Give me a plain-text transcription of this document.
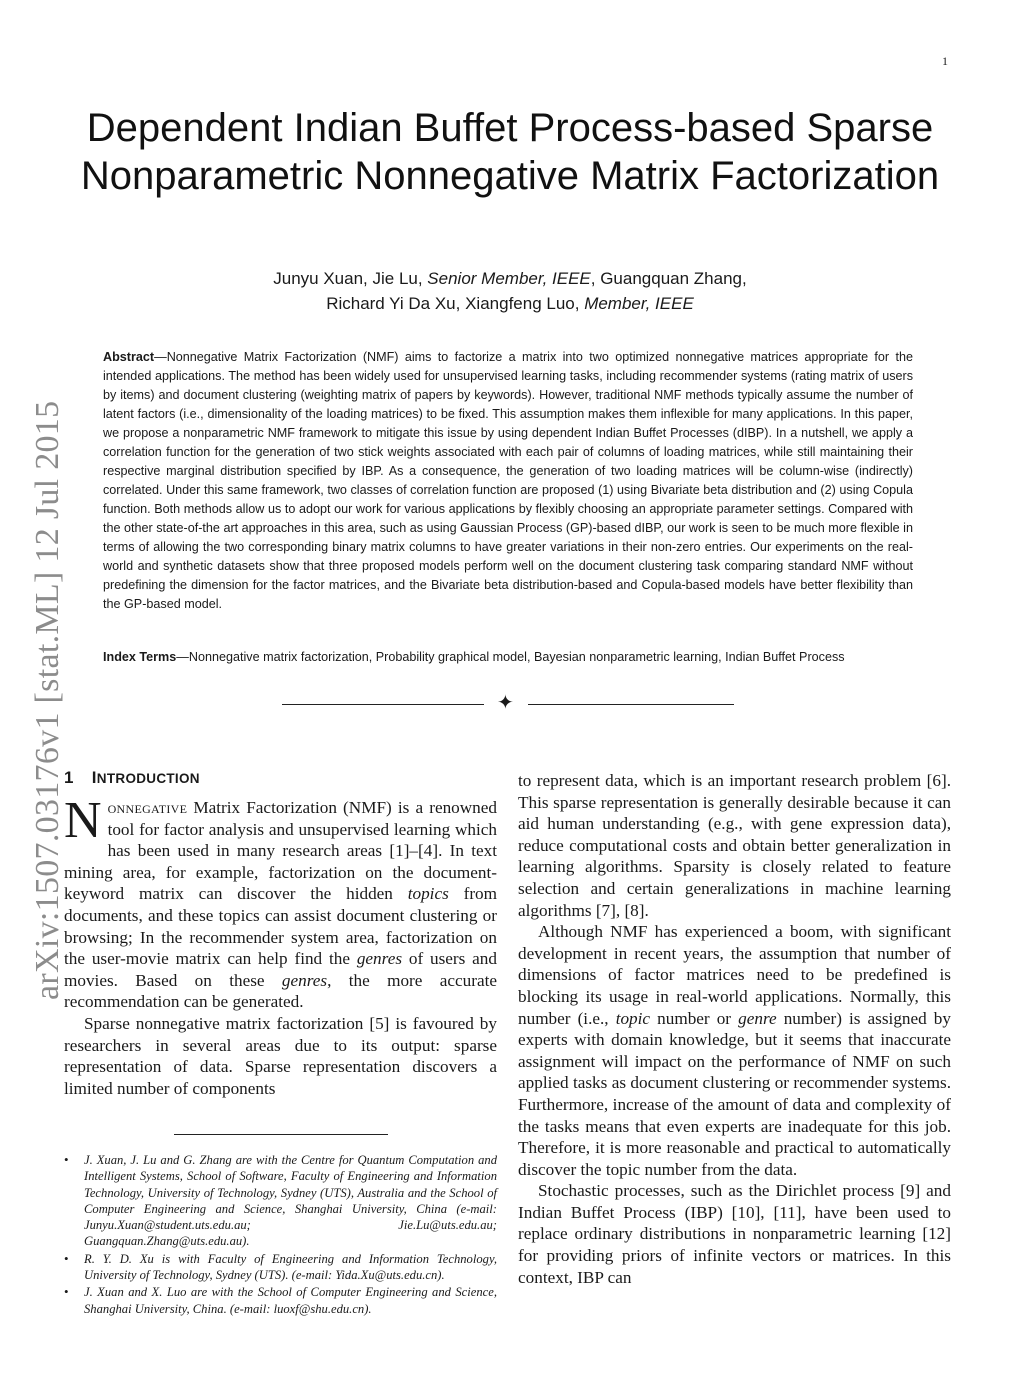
1
Dependent Indian Buffet Process-based Sparse Nonparametric Nonnegative Matrix Factorization
Junyu Xuan, Jie Lu, Senior Member, IEEE, Guangquan Zhang,
Richard Yi Da Xu, Xiangfeng Luo, Member, IEEE
arXiv:1507.03176v1 [stat.ML] 12 Jul 2015
Abstract—Nonnegative Matrix Factorization (NMF) aims to factorize a matrix into two optimized nonnegative matrices appropriate for the intended applications. The method has been widely used for unsupervised learning tasks, including recommender systems (rating matrix of users by items) and document clustering (weighting matrix of papers by keywords). However, traditional NMF methods typically assume the number of latent factors (i.e., dimensionality of the loading matrices) to be fixed. This assumption makes them inflexible for many applications. In this paper, we propose a nonparametric NMF framework to mitigate this issue by using dependent Indian Buffet Processes (dIBP). In a nutshell, we apply a correlation function for the generation of two stick weights associated with each pair of columns of loading matrices, while still maintaining their respective marginal distribution specified by IBP. As a consequence, the generation of two loading matrices will be column-wise (indirectly) correlated. Under this same framework, two classes of correlation function are proposed (1) using Bivariate beta distribution and (2) using Copula function. Both methods allow us to adopt our work for various applications by flexibly choosing an appropriate parameter settings. Compared with the other state-of-the art approaches in this area, such as using Gaussian Process (GP)-based dIBP, our work is seen to be much more flexible in terms of allowing the two corresponding binary matrix columns to have greater variations in their non-zero entries. Our experiments on the real-world and synthetic datasets show that three proposed models perform well on the document clustering task comparing standard NMF without predefining the dimension for the factor matrices, and the Bivariate beta distribution-based and Copula-based models have better flexibility than the GP-based model.
Index Terms—Nonnegative matrix factorization, Probability graphical model, Bayesian nonparametric learning, Indian Buffet Process
✦
1 INTRODUCTION

Nonnegative Matrix Factorization (NMF) is a renowned tool for factor analysis and unsupervised learning which has been used in many research areas [1]–[4]. In text mining area, for example, factorization on the document-keyword matrix can discover the hidden topics from documents, and these topics can assist document clustering or browsing; In the recommender system area, factorization on the user-movie matrix can help find the genres of users and movies. Based on these genres, the more accurate recommendation can be generated.

Sparse nonnegative matrix factorization [5] is favoured by researchers in several areas due to its output: sparse representation of data. Sparse representation discovers a limited number of components

to represent data, which is an important research problem [6]. This sparse representation is generally desirable because it can aid human understanding (e.g., with gene expression data), reduce computational costs and obtain better generalization in learning algorithms. Sparsity is closely related to feature selection and certain generalizations in machine learning algorithms [7], [8].

Although NMF has experienced a boom, with significant development in recent years, the assumption that number of dimensions of factor matrices need to be predefined is blocking its usage in real-world applications. Normally, this number (i.e., topic number or genre number) is assigned by experts with domain knowledge, but it seems that inaccurate assignment will impact on the performance of NMF on such applied tasks as document clustering or recommender systems. Furthermore, increase of the amount of data and complexity of the tasks means that even experts are inadequate for this job. Therefore, it is more reasonable and practical to automatically discover the topic number from the data.

Stochastic processes, such as the Dirichlet process [9] and Indian Buffet Process (IBP) [10], [11], have been used to replace ordinary distributions in nonparametric learning [12] for providing priors of infinite vectors or matrices. In this context, IBP can

• J. Xuan, J. Lu and G. Zhang are with the Centre for Quantum Computation and Intelligent Systems, School of Software, Faculty of Engineering and Information Technology, University of Technology, Sydney (UTS), Australia and the School of Computer Engineering and Science, Shanghai University, China (e-mail: Junyu.Xuan@student.uts.edu.au; Jie.Lu@uts.edu.au; Guangquan.Zhang@uts.edu.au).
• R. Y. D. Xu is with Faculty of Engineering and Information Technology, University of Technology, Sydney (UTS). (e-mail: Yida.Xu@uts.edu.cn).
• J. Xuan and X. Luo are with the School of Computer Engineering and Science, Shanghai University, China. (e-mail: luoxf@shu.edu.cn).
